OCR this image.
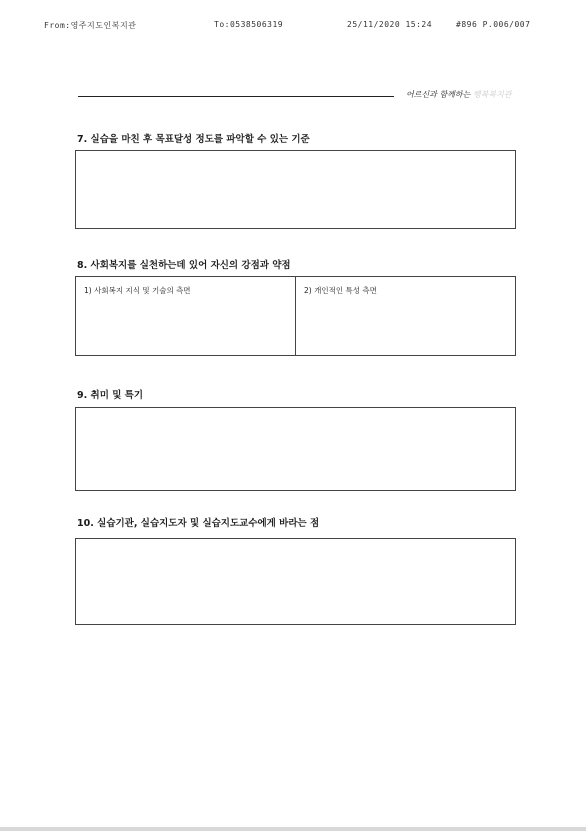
From:영주지도인복지관	To:0538506319	25/11/2020 15:24	#896 P.006/007
어르신과 함께하는 행복복지관
7. 실습을 마친 후 목표달성 정도를 파악할 수 있는 기준
8. 사회복지를 실천하는데 있어 자신의 강점과 약점
1) 사회복지 지식 및 기술의 측면	2) 개인적인 특성 측면
9. 취미 및 특기
10. 실습기관, 실습지도자 및 실습지도교수에게 바라는 점
